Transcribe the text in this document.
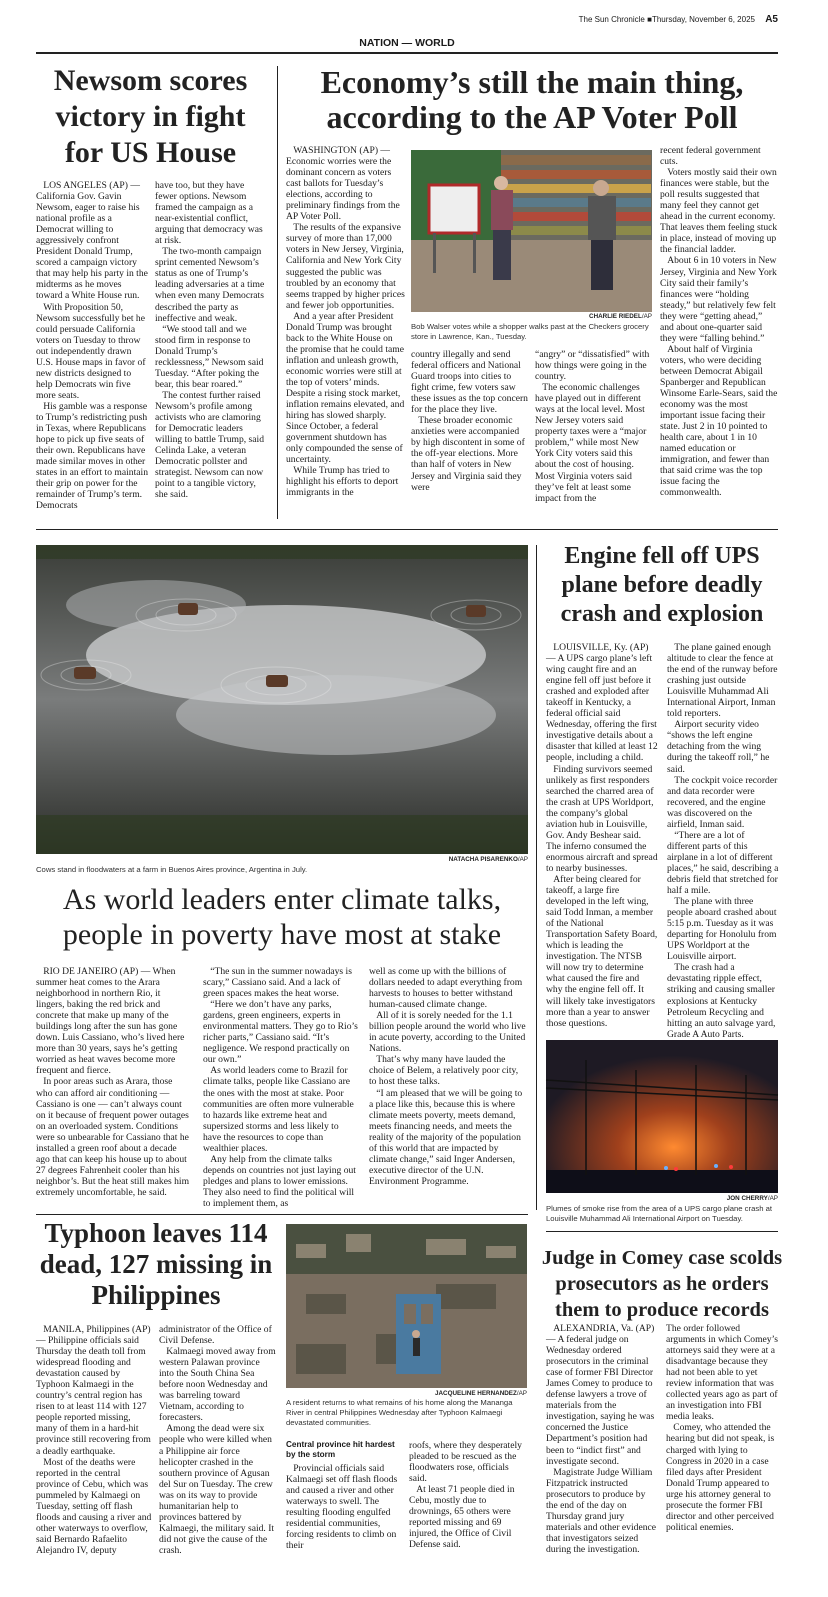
The Sun Chronicle ■Thursday, November 6, 2025 A5
NATION — WORLD
Newsom scores victory in fight for US House
LOS ANGELES (AP) — California Gov. Gavin Newsom, eager to raise his national profile as a Democrat willing to aggressively confront President Donald Trump, scored a campaign victory that may help his party in the midterms as he moves toward a White House run.
With Proposition 50, Newsom successfully bet he could persuade California voters on Tuesday to throw out independently drawn U.S. House maps in favor of new districts designed to help Democrats win five more seats.
His gamble was a response to Trump’s redistricting push in Texas, where Republicans hope to pick up five seats of their own. Republicans have made similar moves in other states in an effort to maintain their grip on power for the remainder of Trump’s term. Democrats
have too, but they have fewer options. Newsom framed the campaign as a near-existential conflict, arguing that democracy was at risk.
The two-month campaign sprint cemented Newsom’s status as one of Trump’s leading adversaries at a time when even many Democrats described the party as ineffective and weak.
“We stood tall and we stood firm in response to Donald Trump’s recklessness,” Newsom said Tuesday. “After poking the bear, this bear roared.”
The contest further raised Newsom’s profile among activists who are clamoring for Democratic leaders willing to battle Trump, said Celinda Lake, a veteran Democratic pollster and strategist. Newsom can now point to a tangible victory, she said.
Economy’s still the main thing, according to the AP Voter Poll
WASHINGTON (AP) — Economic worries were the dominant concern as voters cast ballots for Tuesday’s elections, according to preliminary findings from the AP Voter Poll.
The results of the expansive survey of more than 17,000 voters in New Jersey, Virginia, California and New York City suggested the public was troubled by an economy that seems trapped by higher prices and fewer job opportunities.
And a year after President Donald Trump was brought back to the White House on the promise that he could tame inflation and unleash growth, economic worries were still at the top of voters’ minds. Despite a rising stock market, inflation remains elevated, and hiring has slowed sharply. Since October, a federal government shutdown has only compounded the sense of uncertainty.
While Trump has tried to highlight his efforts to deport immigrants in the
CHARLIE RIEDEL/AP
Bob Walser votes while a shopper walks past at the Checkers grocery store in Lawrence, Kan., Tuesday.
country illegally and send federal officers and National Guard troops into cities to fight crime, few voters saw these issues as the top concern for the place they live.
These broader economic anxieties were accompanied by high discontent in some of the off-year elections. More than half of voters in New Jersey and Virginia said they were
“angry” or “dissatisfied” with how things were going in the country.
The economic challenges have played out in different ways at the local level. Most New Jersey voters said property taxes were a “major problem,” while most New York City voters said this about the cost of housing. Most Virginia voters said they’ve felt at least some impact from the
recent federal government cuts.
Voters mostly said their own finances were stable, but the poll results suggested that many feel they cannot get ahead in the current economy. That leaves them feeling stuck in place, instead of moving up the financial ladder.
About 6 in 10 voters in New Jersey, Virginia and New York City said their family’s finances were “holding steady,” but relatively few felt they were “getting ahead,” and about one-quarter said they were “falling behind.”
About half of Virginia voters, who were deciding between Democrat Abigail Spanberger and Republican Winsome Earle-Sears, said the economy was the most important issue facing their state. Just 2 in 10 pointed to health care, about 1 in 10 named education or immigration, and fewer than that said crime was the top issue facing the commonwealth.
NATACHA PISARENKO/AP
Cows stand in floodwaters at a farm in Buenos Aires province, Argentina in July.
As world leaders enter climate talks, people in poverty have most at stake
RIO DE JANEIRO (AP) — When summer heat comes to the Arara neighborhood in northern Rio, it lingers, baking the red brick and concrete that make up many of the buildings long after the sun has gone down. Luis Cassiano, who’s lived here more than 30 years, says he’s getting worried as heat waves become more frequent and fierce.
In poor areas such as Arara, those who can afford air conditioning — Cassiano is one — can’t always count on it because of frequent power outages on an overloaded system. Conditions were so unbearable for Cassiano that he installed a green roof about a decade ago that can keep his house up to about 27 degrees Fahrenheit cooler than his neighbor’s. But the heat still makes him extremely uncomfortable, he said.
“The sun in the summer nowadays is scary,” Cassiano said. And a lack of green spaces makes the heat worse.
“Here we don’t have any parks, gardens, green engineers, experts in environmental matters. They go to Rio’s richer parts,” Cassiano said. “It’s negligence. We respond practically on our own.”
As world leaders come to Brazil for climate talks, people like Cassiano are the ones with the most at stake. Poor communities are often more vulnerable to hazards like extreme heat and supersized storms and less likely to have the resources to cope than wealthier places.
Any help from the climate talks depends on countries not just laying out pledges and plans to lower emissions. They also need to find the political will to implement them, as
well as come up with the billions of dollars needed to adapt everything from harvests to houses to better withstand human-caused climate change.
All of it is sorely needed for the 1.1 billion people around the world who live in acute poverty, according to the United Nations.
That’s why many have lauded the choice of Belem, a relatively poor city, to host these talks.
“I am pleased that we will be going to a place like this, because this is where climate meets poverty, meets demand, meets financing needs, and meets the reality of the majority of the population of this world that are impacted by climate change,” said Inger Andersen, executive director of the U.N. Environment Programme.
Engine fell off UPS plane before deadly crash and explosion
LOUISVILLE, Ky. (AP) — A UPS cargo plane’s left wing caught fire and an engine fell off just before it crashed and exploded after takeoff in Kentucky, a federal official said Wednesday, offering the first investigative details about a disaster that killed at least 12 people, including a child.
Finding survivors seemed unlikely as first responders searched the charred area of the crash at UPS Worldport, the company’s global aviation hub in Louisville, Gov. Andy Beshear said. The inferno consumed the enormous aircraft and spread to nearby businesses.
After being cleared for takeoff, a large fire developed in the left wing, said Todd Inman, a member of the National Transportation Safety Board, which is leading the investigation. The NTSB will now try to determine what caused the fire and why the engine fell off. It will likely take investigators more than a year to answer those questions.
The plane gained enough altitude to clear the fence at the end of the runway before crashing just outside Louisville Muhammad Ali International Airport, Inman told reporters.
Airport security video “shows the left engine detaching from the wing during the takeoff roll,” he said.
The cockpit voice recorder and data recorder were recovered, and the engine was discovered on the airfield, Inman said.
“There are a lot of different parts of this airplane in a lot of different places,” he said, describing a debris field that stretched for half a mile.
The plane with three people aboard crashed about 5:15 p.m. Tuesday as it was departing for Honolulu from UPS Worldport at the Louisville airport.
The crash had a devastating ripple effect, striking and causing smaller explosions at Kentucky Petroleum Recycling and hitting an auto salvage yard, Grade A Auto Parts.
JON CHERRY/AP
Plumes of smoke rise from the area of a UPS cargo plane crash at Louisville Muhammad Ali International Airport on Tuesday.
Typhoon leaves 114 dead, 127 missing in Philippines
MANILA, Philippines (AP) — Philippine officials said Thursday the death toll from widespread flooding and devastation caused by Typhoon Kalmaegi in the country’s central region has risen to at least 114 with 127 people reported missing, many of them in a hard-hit province still recovering from a deadly earthquake.
Most of the deaths were reported in the central province of Cebu, which was pummeled by Kalmaegi on Tuesday, setting off flash floods and causing a river and other waterways to overflow, said Bernardo Rafaelito Alejandro IV, deputy
administrator of the Office of Civil Defense.
Kalmaegi moved away from western Palawan province into the South China Sea before noon Wednesday and was barreling toward Vietnam, according to forecasters.
Among the dead were six people who were killed when a Philippine air force helicopter crashed in the southern province of Agusan del Sur on Tuesday. The crew was on its way to provide humanitarian help to provinces battered by Kalmaegi, the military said. It did not give the cause of the crash.
JACQUELINE HERNANDEZ/AP
A resident returns to what remains of his home along the Mananga River in central Philippines Wednesday after Typhoon Kalmaegi devastated communities.
Central province hit hardest by the storm
Provincial officials said Kalmaegi set off flash floods and caused a river and other waterways to swell. The resulting flooding engulfed residential communities, forcing residents to climb on their
roofs, where they desperately pleaded to be rescued as the floodwaters rose, officials said.
At least 71 people died in Cebu, mostly due to drownings, 65 others were reported missing and 69 injured, the Office of Civil Defense said.
Judge in Comey case scolds prosecutors as he orders them to produce records
ALEXANDRIA, Va. (AP) — A federal judge on Wednesday ordered prosecutors in the criminal case of former FBI Director James Comey to produce to defense lawyers a trove of materials from the investigation, saying he was concerned the Justice Department’s position had been to “indict first” and investigate second.
Magistrate Judge William Fitzpatrick instructed prosecutors to produce by the end of the day on Thursday grand jury materials and other evidence that investigators seized during the investigation.
The order followed arguments in which Comey’s attorneys said they were at a disadvantage because they had not been able to yet review information that was collected years ago as part of an investigation into FBI media leaks.
Comey, who attended the hearing but did not speak, is charged with lying to Congress in 2020 in a case filed days after President Donald Trump appeared to urge his attorney general to prosecute the former FBI director and other perceived political enemies.
